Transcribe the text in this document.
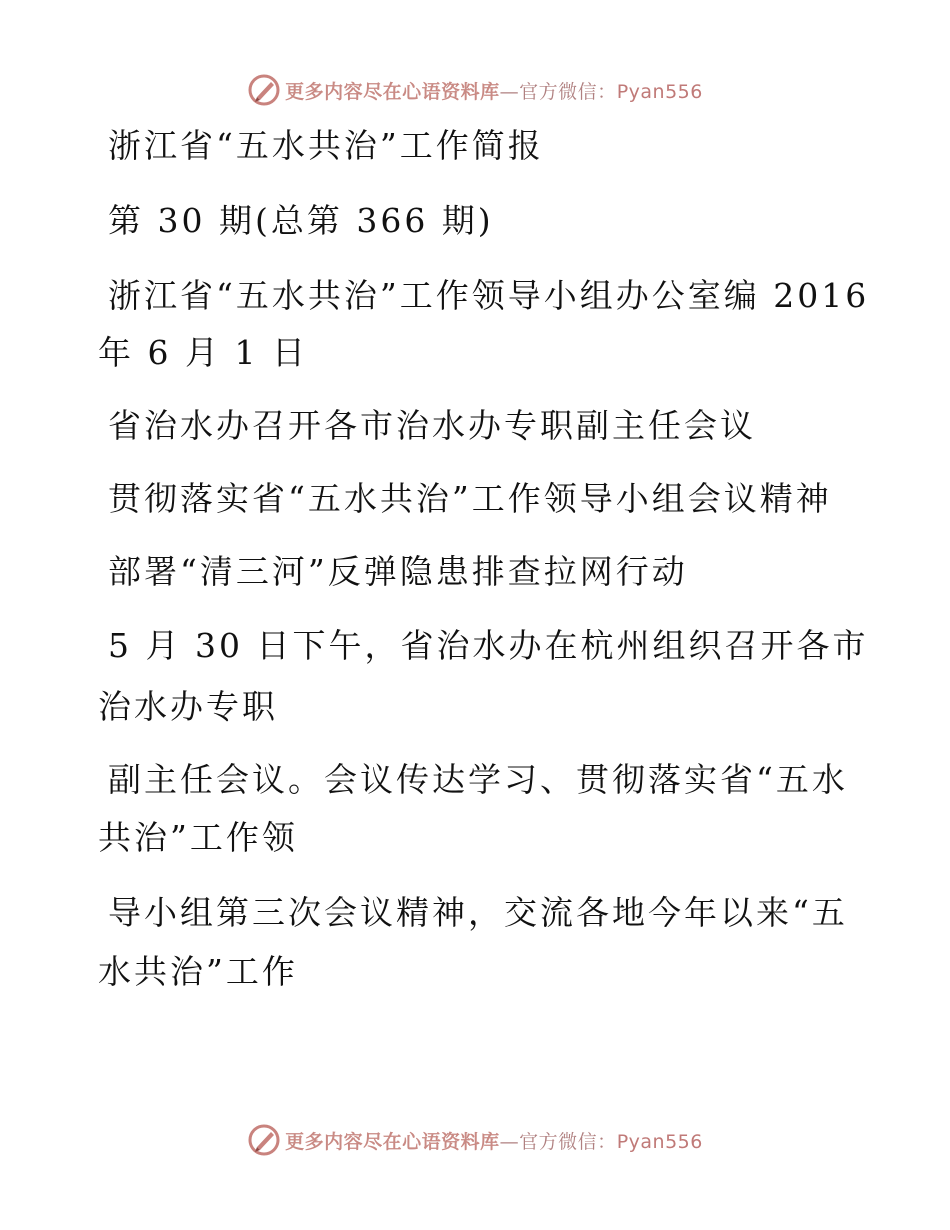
更多内容尽在心语资料库—官方微信：Pyan556
浙江省“五水共治”工作简报
第 30 期(总第 366 期)
浙江省“五水共治”工作领导小组办公室编 2016
年 6 月 1 日
省治水办召开各市治水办专职副主任会议
贯彻落实省“五水共治”工作领导小组会议精神
部署“清三河”反弹隐患排查拉网行动
5 月 30 日下午，省治水办在杭州组织召开各市
治水办专职
副主任会议。会议传达学习、贯彻落实省“五水
共治”工作领
导小组第三次会议精神，交流各地今年以来“五
水共治”工作
更多内容尽在心语资料库—官方微信：Pyan556
